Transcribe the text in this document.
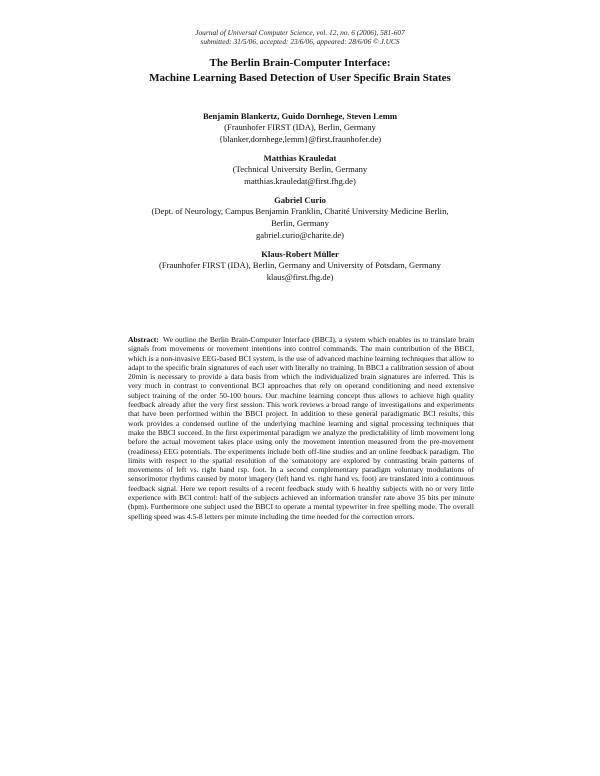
Journal of Universal Computer Science, vol. 12, no. 6 (2006), 581-607
submitted: 31/5/06, accepted: 23/6/06, appeared: 28/6/06 © J.UCS
The Berlin Brain-Computer Interface:
Machine Learning Based Detection of User Specific Brain States
Benjamin Blankertz, Guido Dornhege, Steven Lemm
(Fraunhofer FIRST (IDA), Berlin, Germany
{blanker,dornhege,lemm}@first.fraunhofer.de)
Matthias Krauledat
(Technical University Berlin, Germany
matthias.krauledat@first.fhg.de)
Gabriel Curio
(Dept. of Neurology, Campus Benjamin Franklin, Charité University Medicine Berlin,
Berlin, Germany
gabriel.curio@charite.de)
Klaus-Robert Müller
(Fraunhofer FIRST (IDA), Berlin, Germany and University of Potsdam, Germany
klaus@first.fhg.de)
Abstract:  We outline the Berlin Brain-Computer Interface (BBCI), a system which enables us to translate brain signals from movements or movement intentions into control commands. The main contribution of the BBCI, which is a non-invasive EEG-based BCI system, is the use of advanced machine learning techniques that allow to adapt to the specific brain signatures of each user with literally no training. In BBCI a calibration session of about 20min is necessary to provide a data basis from which the individualized brain signatures are inferred. This is very much in contrast to conventional BCI approaches that rely on operand conditioning and need extensive subject training of the order 50-100 hours. Our machine learning concept thus allows to achieve high quality feedback already after the very first session. This work reviews a broad range of investigations and experiments that have been performed within the BBCI project. In addition to these general paradigmatic BCI results, this work provides a condensed outline of the underlying machine learning and signal processing techniques that make the BBCI succeed. In the first experimental paradigm we analyze the predictability of limb movement long before the actual movement takes place using only the movement intention measured from the pre-movement (readiness) EEG potentials. The experiments include both off-line studies and an online feedback paradigm. The limits with respect to the spatial resolution of the somatotopy are explored by contrasting brain patterns of movements of left vs. right hand rsp. foot. In a second complementary paradigm voluntary modulations of sensorimotor rhythms caused by motor imagery (left hand vs. right hand vs. foot) are translated into a continuous feedback signal. Here we report results of a recent feedback study with 6 healthy subjects with no or very little experience with BCI control: half of the subjects achieved an information transfer rate above 35 bits per minute (bpm). Furthermore one subject used the BBCI to operate a mental typewriter in free spelling mode. The overall spelling speed was 4.5-8 letters per minute including the time needed for the correction errors.
